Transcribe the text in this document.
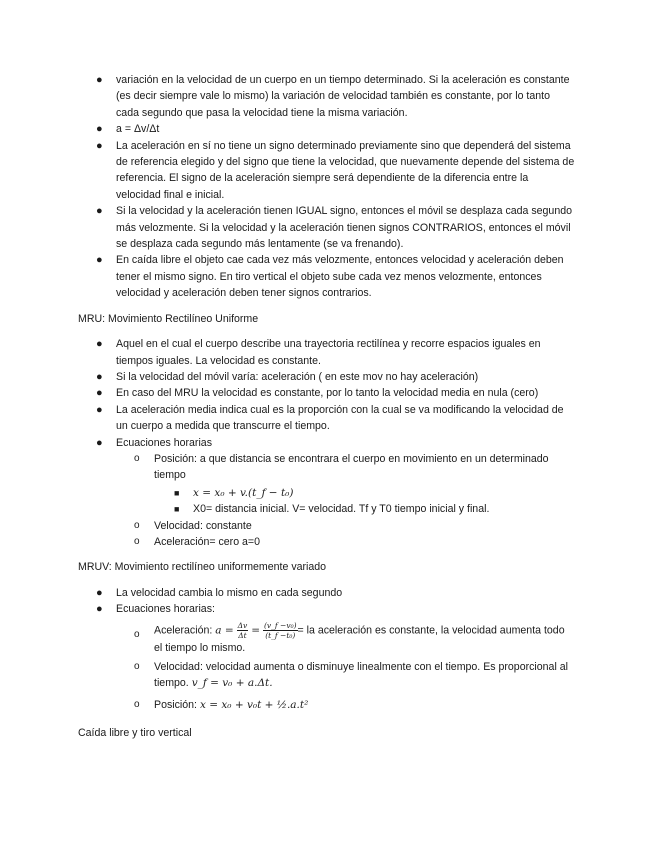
● variación en la velocidad de un cuerpo en un tiempo determinado. Si la aceleración es constante (es decir siempre vale lo mismo) la variación de velocidad también es constante, por lo tanto cada segundo que pasa la velocidad tiene la misma variación.
● a = Δv/Δt
● La aceleración en sí no tiene un signo determinado previamente sino que dependerá del sistema de referencia elegido y del signo que tiene la velocidad, que nuevamente depende del sistema de referencia. El signo de la aceleración siempre será dependiente de la diferencia entre la velocidad final e inicial.
● Si la velocidad y la aceleración tienen IGUAL signo, entonces el móvil se desplaza cada segundo más velozmente. Si la velocidad y la aceleración tienen signos CONTRARIOS, entonces el móvil se desplaza cada segundo más lentamente (se va frenando).
● En caída libre el objeto cae cada vez más velozmente, entonces velocidad y aceleración deben tener el mismo signo. En tiro vertical el objeto sube cada vez menos velozmente, entonces velocidad y aceleración deben tener signos contrarios.
MRU: Movimiento Rectilíneo Uniforme
● Aquel en el cual el cuerpo describe una trayectoria rectilínea y recorre espacios iguales en tiempos iguales. La velocidad es constante.
● Si la velocidad del móvil varía: aceleración ( en este mov no hay aceleración)
● En caso del MRU la velocidad es constante, por lo tanto la velocidad media en nula (cero)
● La aceleración media indica cual es la proporción con la cual se va modificando la velocidad de un cuerpo a medida que transcurre el tiempo.
● Ecuaciones horarias
o Posición: a que distancia se encontrara el cuerpo en movimiento en un determinado tiempo
■ x = x₀ + v.(t_f − t₀)
■ X0= distancia inicial. V= velocidad. Tf y T0 tiempo inicial y final.
o Velocidad: constante
o Aceleración= cero a=0
MRUV: Movimiento rectilíneo uniformemente variado
● La velocidad cambia lo mismo en cada segundo
● Ecuaciones horarias:
o Aceleración: $a = \frac{\Delta v}{\Delta t} = \frac{\text{(v\_f −v₀)}}{\text{(t\_f −t₀)}}$ = la aceleración es constante, la velocidad aumenta todo el tiempo lo mismo.
o Velocidad: velocidad aumenta o disminuye linealmente con el tiempo. Es proporcional al tiempo. v_f = v₀ + a.Δt.
o Posición: x = x₀ + v₀t + ½.a.t²
Caída libre y tiro vertical
